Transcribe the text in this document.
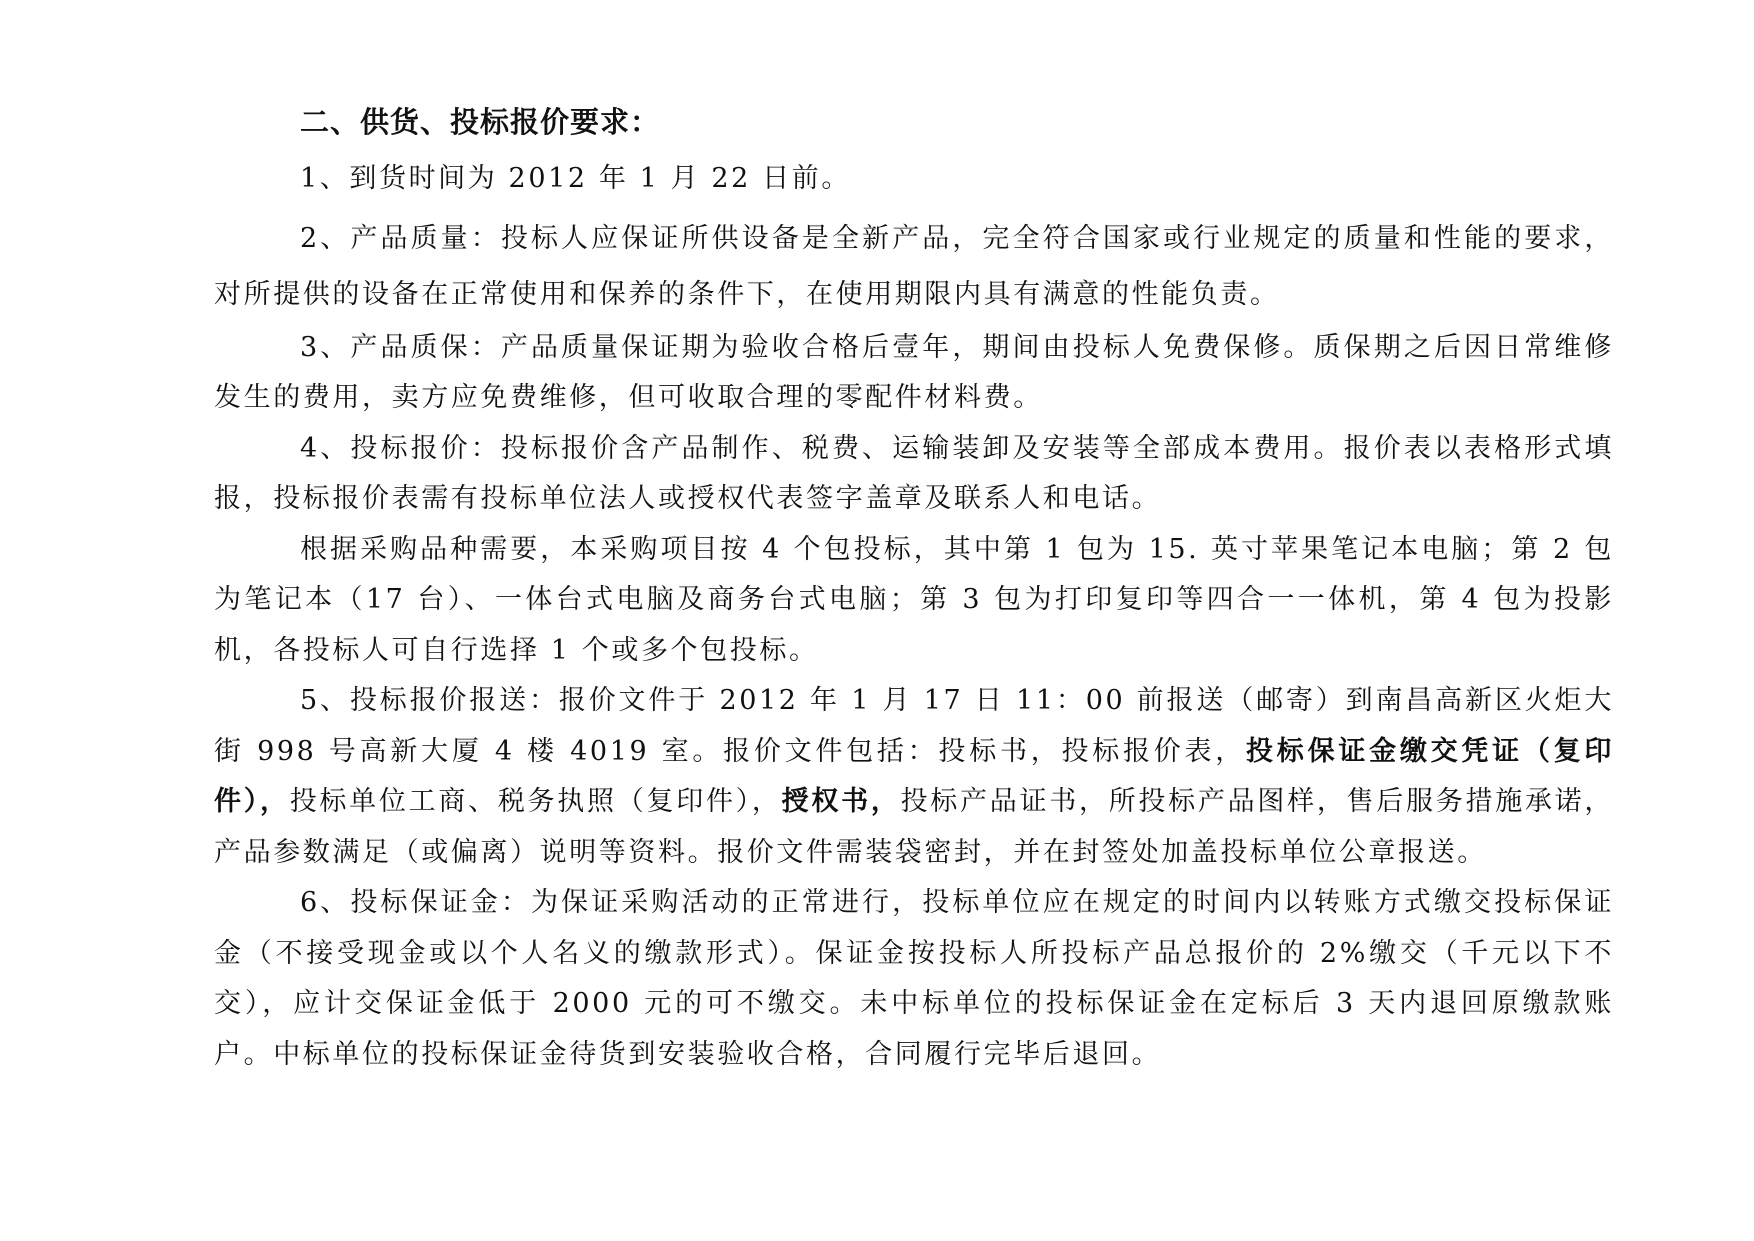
二、供货、投标报价要求：

1、到货时间为 2012 年 1 月 22 日前。

2、产品质量：投标人应保证所供设备是全新产品，完全符合国家或行业规定的质量和性能的要求，对所提供的设备在正常使用和保养的条件下，在使用期限内具有满意的性能负责。

3、产品质保：产品质量保证期为验收合格后壹年，期间由投标人免费保修。质保期之后因日常维修发生的费用，卖方应免费维修，但可收取合理的零配件材料费。

4、投标报价：投标报价含产品制作、税费、运输装卸及安装等全部成本费用。报价表以表格形式填报，投标报价表需有投标单位法人或授权代表签字盖章及联系人和电话。

根据采购品种需要，本采购项目按 4 个包投标，其中第 1 包为 15. 英寸苹果笔记本电脑；第 2 包为笔记本（17 台）、一体台式电脑及商务台式电脑；第 3 包为打印复印等四合一一体机，第 4 包为投影机，各投标人可自行选择 1 个或多个包投标。

5、投标报价报送：报价文件于 2012 年 1 月 17 日 11：00 前报送（邮寄）到南昌高新区火炬大街 998 号高新大厦 4 楼 4019 室。报价文件包括：投标书，投标报价表，投标保证金缴交凭证（复印件），投标单位工商、税务执照（复印件），授权书，投标产品证书，所投标产品图样，售后服务措施承诺，产品参数满足（或偏离）说明等资料。报价文件需装袋密封，并在封签处加盖投标单位公章报送。

6、投标保证金：为保证采购活动的正常进行，投标单位应在规定的时间内以转账方式缴交投标保证金（不接受现金或以个人名义的缴款形式）。保证金按投标人所投标产品总报价的 2%缴交（千元以下不交），应计交保证金低于 2000 元的可不缴交。未中标单位的投标保证金在定标后 3 天内退回原缴款账户。中标单位的投标保证金待货到安装验收合格，合同履行完毕后退回。
